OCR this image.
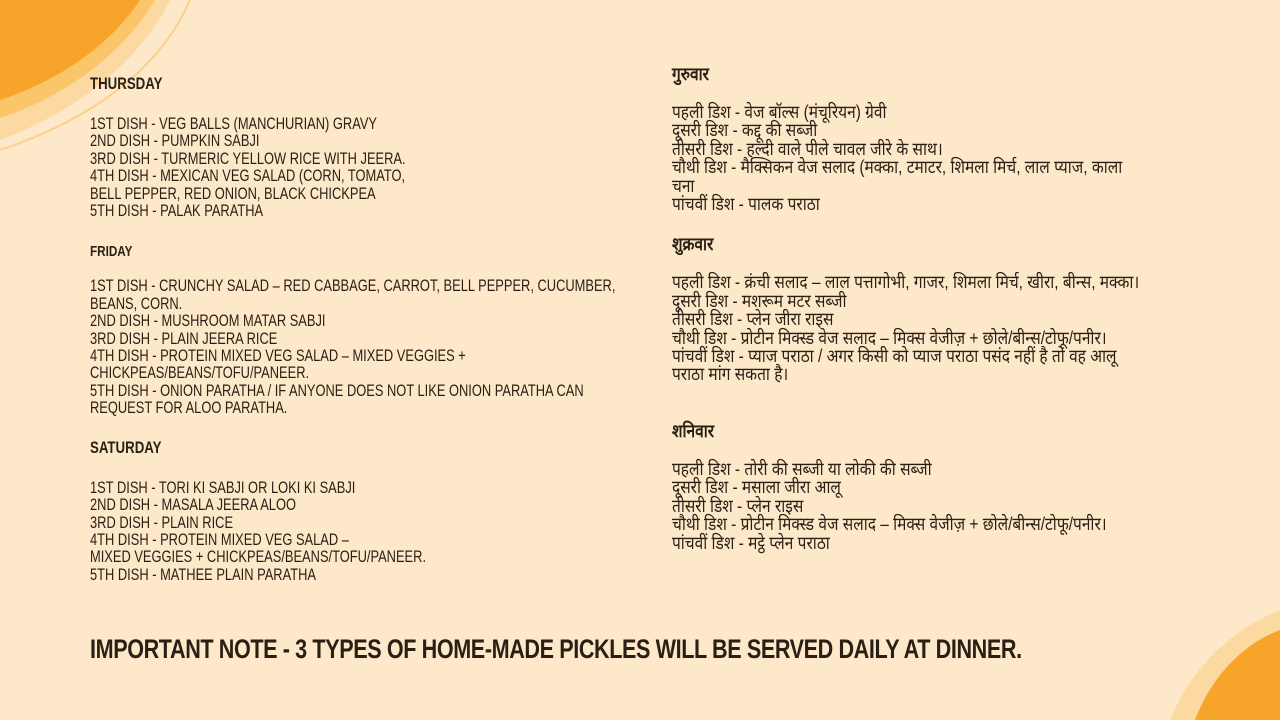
THURSDAY
1ST DISH - VEG BALLS (MANCHURIAN) GRAVY
2ND DISH - PUMPKIN SABJI
3RD DISH - TURMERIC YELLOW RICE WITH JEERA.
4TH DISH - MEXICAN VEG SALAD (CORN, TOMATO,
BELL PEPPER, RED ONION, BLACK CHICKPEA
5TH DISH - PALAK PARATHA
FRIDAY
1ST DISH - CRUNCHY SALAD – RED CABBAGE, CARROT, BELL PEPPER, CUCUMBER,
BEANS, CORN.
2ND DISH - MUSHROOM MATAR SABJI
3RD DISH - PLAIN JEERA RICE
4TH DISH - PROTEIN MIXED VEG SALAD – MIXED VEGGIES +
CHICKPEAS/BEANS/TOFU/PANEER.
5TH DISH - ONION PARATHA / IF ANYONE DOES NOT LIKE ONION PARATHA CAN
REQUEST FOR ALOO PARATHA.
SATURDAY
1ST DISH - TORI KI SABJI OR LOKI KI SABJI
2ND DISH - MASALA JEERA ALOO
3RD DISH - PLAIN RICE
4TH DISH - PROTEIN MIXED VEG SALAD –
MIXED VEGGIES + CHICKPEAS/BEANS/TOFU/PANEER.
5TH DISH - MATHEE PLAIN PARATHA
गुरुवार
पहली डिश - वेज बॉल्स (मंचूरियन) ग्रेवी
दूसरी डिश - कद्दू की सब्जी
तीसरी डिश - हल्दी वाले पीले चावल जीरे के साथ।
चौथी डिश - मैक्सिकन वेज सलाद (मक्का, टमाटर, शिमला मिर्च, लाल प्याज, काला
चना
पांचवीं डिश - पालक पराठा
शुक्रवार
पहली डिश - क्रंची सलाद – लाल पत्तागोभी, गाजर, शिमला मिर्च, खीरा, बीन्स, मक्का।
दूसरी डिश - मशरूम मटर सब्जी
तीसरी डिश - प्लेन जीरा राइस
चौथी डिश - प्रोटीन मिक्स्ड वेज सलाद – मिक्स वेजीज़ + छोले/बीन्स/टोफू/पनीर।
पांचवीं डिश - प्याज पराठा / अगर किसी को प्याज पराठा पसंद नहीं है तो वह आलू
पराठा मांग सकता है।
शनिवार
पहली डिश - तोरी की सब्जी या लोकी की सब्जी
दूसरी डिश - मसाला जीरा आलू
तीसरी डिश - प्लेन राइस
चौथी डिश - प्रोटीन मिक्स्ड वेज सलाद – मिक्स वेजीज़ + छोले/बीन्स/टोफू/पनीर।
पांचवीं डिश - मट्ठे प्लेन पराठा
IMPORTANT NOTE - 3 TYPES OF HOME-MADE PICKLES WILL BE SERVED DAILY AT DINNER.
